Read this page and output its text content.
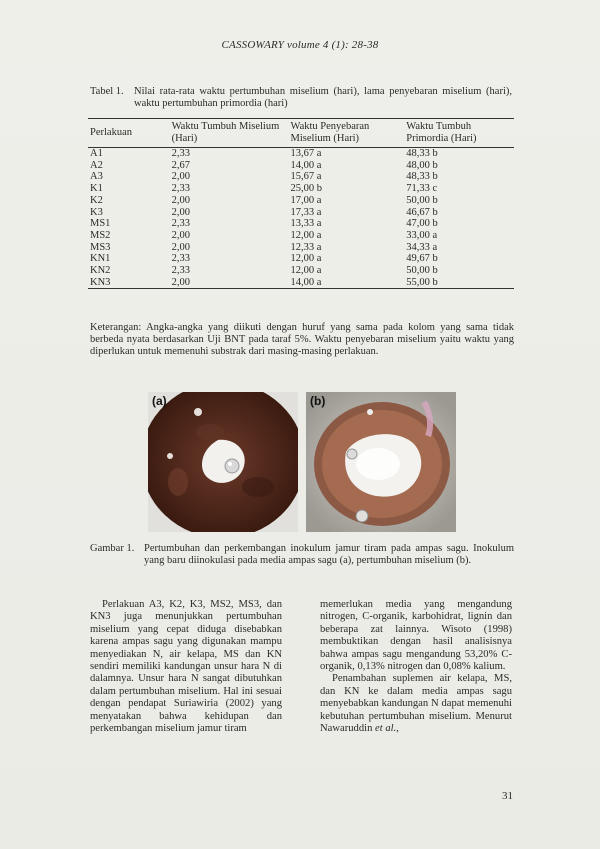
CASSOWARY volume 4 (1): 28-38
Tabel 1. Nilai rata-rata waktu pertumbuhan miselium (hari), lama penyebaran miselium (hari), waktu pertumbuhan primordia (hari)
Perlakuan	Waktu Tumbuh Miselium (Hari)	Waktu Penyebaran Miselium (Hari)	Waktu Tumbuh Primordia (Hari)
A1	2,33	13,67 a	48,33 b
A2	2,67	14,00 a	48,00 b
A3	2,00	15,67 a	48,33 b
K1	2,33	25,00 b	71,33 c
K2	2,00	17,00 a	50,00 b
K3	2,00	17,33 a	46,67 b
MS1	2,33	13,33 a	47,00 b
MS2	2,00	12,00 a	33,00 a
MS3	2,00	12,33 a	34,33 a
KN1	2,33	12,00 a	49,67 b
KN2	2,33	12,00 a	50,00 b
KN3	2,00	14,00 a	55,00 b
Keterangan: Angka-angka yang diikuti dengan huruf yang sama pada kolom yang sama tidak berbeda nyata berdasarkan Uji BNT pada taraf 5%. Waktu penyebaran miselium yaitu waktu yang diperlukan untuk memenuhi substrak dari masing-masing perlakuan.
(a)	(b)
Gambar 1. Pertumbuhan dan perkembangan inokulum jamur tiram pada ampas sagu. Inokulum yang baru diinokulasi pada media ampas sagu (a), pertumbuhan miselium (b).

Perlakuan A3, K2, K3, MS2, MS3, dan KN3 juga menunjukkan pertumbuhan miselium yang cepat diduga disebabkan karena ampas sagu yang digunakan mampu menyediakan N, air kelapa, MS dan KN sendiri memiliki kandungan unsur hara N di dalamnya. Unsur hara N sangat dibutuhkan dalam pertumbuhan miselium. Hal ini sesuai dengan pendapat Suriawiria (2002) yang menyatakan bahwa kehidupan dan perkembangan miselium jamur tiram

memerlukan media yang mengandung nitrogen, C-organik, karbohidrat, lignin dan beberapa zat lainnya. Wisoto (1998) membuktikan dengan hasil analisisnya bahwa ampas sagu mengandung 53,20% C-organik, 0,13% nitrogen dan 0,08% kalium.

Penambahan suplemen air kelapa, MS, dan KN ke dalam media ampas sagu menyebabkan kandungan N dapat memenuhi kebutuhan pertumbuhan miselium. Menurut Nawaruddin et al.,

31
